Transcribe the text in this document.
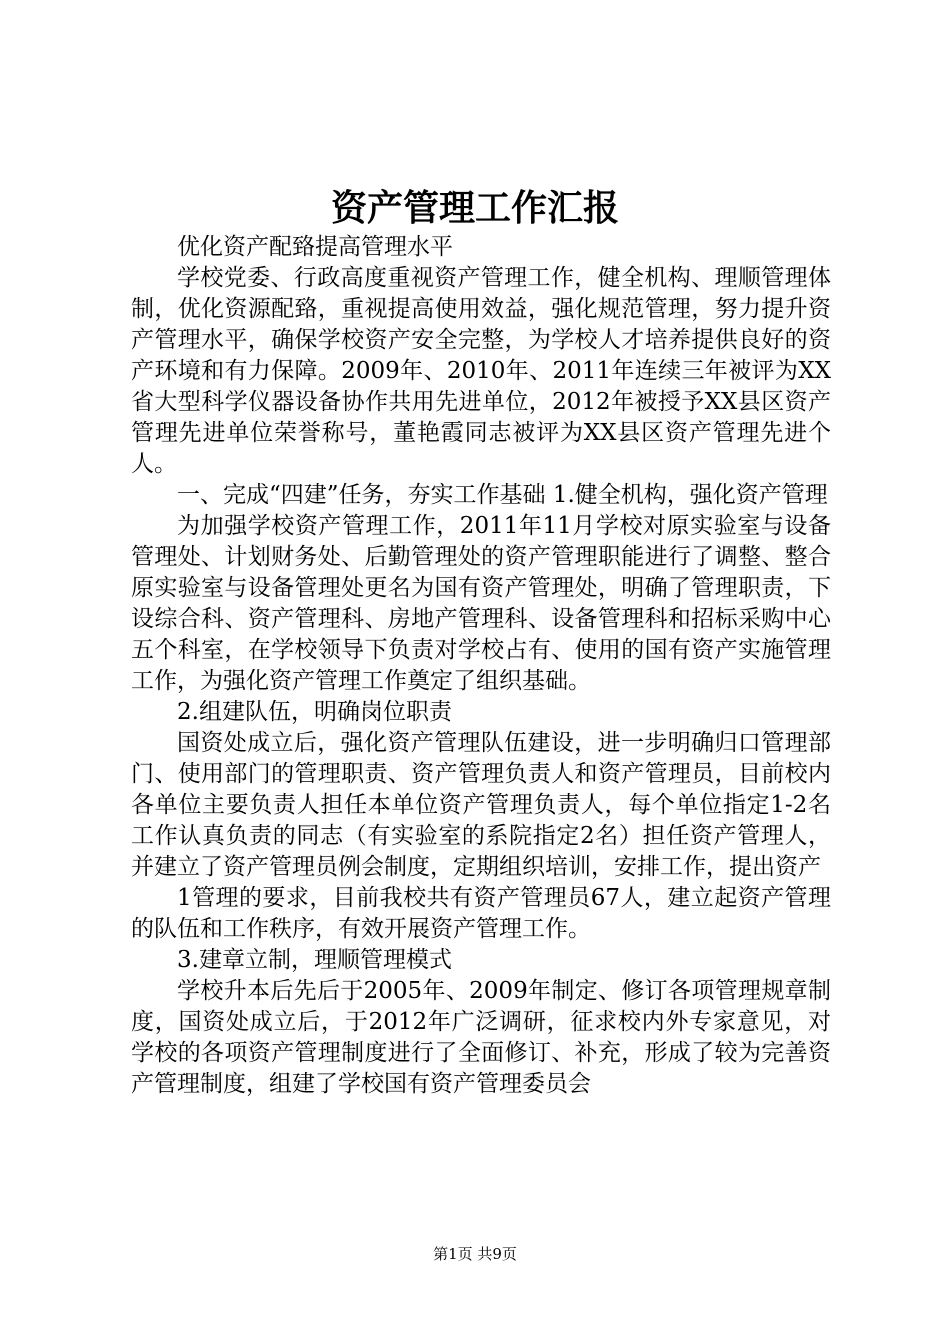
资产管理工作汇报

优化资产配臵提高管理水平

学校党委、行政高度重视资产管理工作，健全机构、理顺管理体制，优化资源配臵，重视提高使用效益，强化规范管理，努力提升资产管理水平，确保学校资产安全完整，为学校人才培养提供良好的资产环境和有力保障。2009年、2010年、2011年连续三年被评为XX省大型科学仪器设备协作共用先进单位，2012年被授予XX县区资产管理先进单位荣誉称号，董艳霞同志被评为XX县区资产管理先进个人。

一、完成“四建”任务，夯实工作基础 1.健全机构，强化资产管理

为加强学校资产管理工作，2011年11月学校对原实验室与设备管理处、计划财务处、后勤管理处的资产管理职能进行了调整、整合原实验室与设备管理处更名为国有资产管理处，明确了管理职责，下设综合科、资产管理科、房地产管理科、设备管理科和招标采购中心五个科室，在学校领导下负责对学校占有、使用的国有资产实施管理工作，为强化资产管理工作奠定了组织基础。

2.组建队伍，明确岗位职责

国资处成立后，强化资产管理队伍建设，进一步明确归口管理部门、使用部门的管理职责、资产管理负责人和资产管理员，目前校内各单位主要负责人担任本单位资产管理负责人，每个单位指定1-2名工作认真负责的同志（有实验室的系院指定2名）担任资产管理人，并建立了资产管理员例会制度，定期组织培训，安排工作，提出资产

1管理的要求，目前我校共有资产管理员67人，建立起资产管理的队伍和工作秩序，有效开展资产管理工作。

3.建章立制，理顺管理模式

学校升本后先后于2005年、2009年制定、修订各项管理规章制度，国资处成立后，于2012年广泛调研，征求校内外专家意见，对学校的各项资产管理制度进行了全面修订、补充，形成了较为完善资产管理制度，组建了学校国有资产管理委员会

第1页 共9页
